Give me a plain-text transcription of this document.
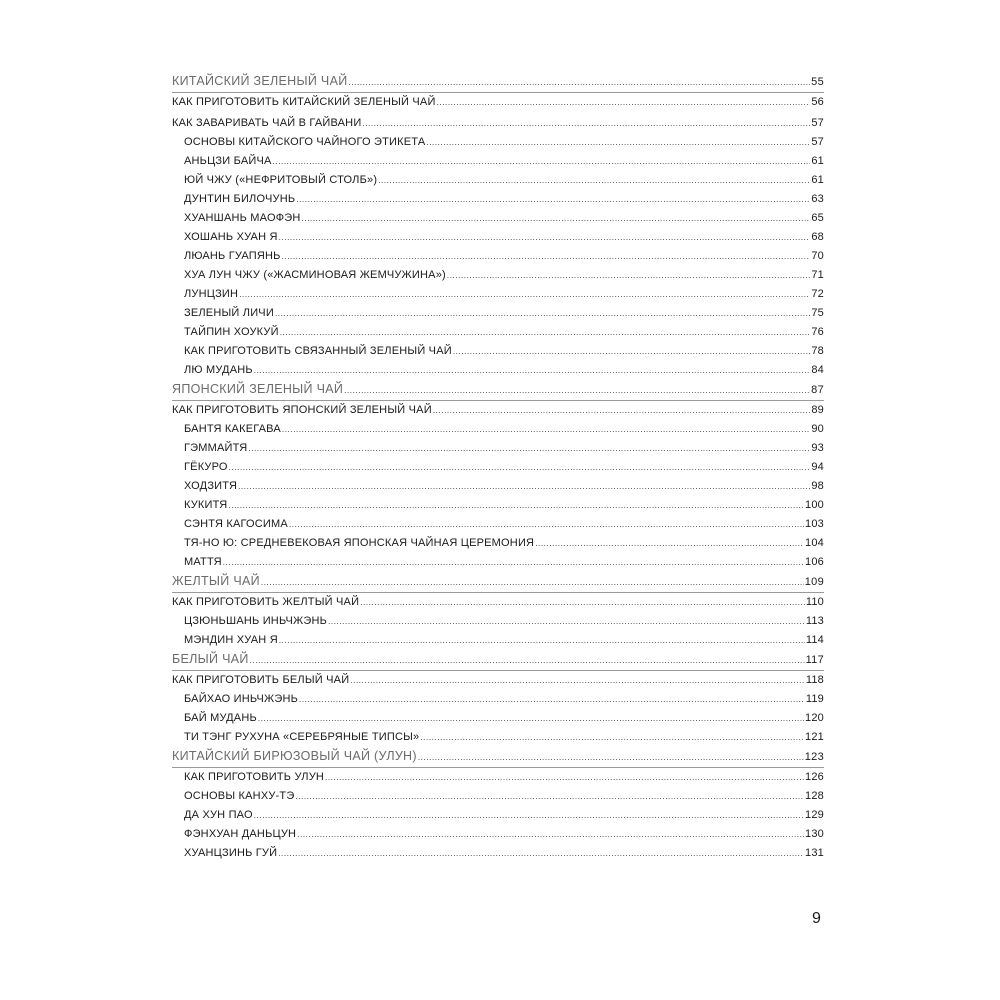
КИТАЙСКИЙ ЗЕЛЕНЫЙ ЧАЙ .....	55
КАК ПРИГОТОВИТЬ КИТАЙСКИЙ ЗЕЛЕНЫЙ ЧАЙ .....	56
КАК ЗАВАРИВАТЬ ЧАЙ В ГАЙВАНИ .....	57
ОСНОВЫ КИТАЙСКОГО ЧАЙНОГО ЭТИКЕТА .....	57
АНЬЦЗИ БАЙЧА .....	61
ЮЙ ЧЖУ («НЕФРИТОВЫЙ СТОЛБ») .....	61
ДУНТИН БИЛОЧУНЬ .....	63
ХУАНШАНЬ МАОФЭН .....	65
ХОШАНЬ ХУАН Я .....	68
ЛЮАНЬ ГУАПЯНЬ .....	70
ХУА ЛУН ЧЖУ («ЖАСМИНОВАЯ ЖЕМЧУЖИНА») .....	71
ЛУНЦЗИН .....	72
ЗЕЛЕНЫЙ ЛИЧИ .....	75
ТАЙПИН ХОУКУЙ .....	76
КАК ПРИГОТОВИТЬ СВЯЗАННЫЙ ЗЕЛЕНЫЙ ЧАЙ .....	78
ЛЮ МУДАНЬ .....	84
ЯПОНСКИЙ ЗЕЛЕНЫЙ ЧАЙ .....	87
КАК ПРИГОТОВИТЬ ЯПОНСКИЙ ЗЕЛЕНЫЙ ЧАЙ .....	89
БАНТЯ КАКЕГАВА .....	90
ГЭММАЙТЯ .....	93
ГЁКУРО .....	94
ХОДЗИТЯ .....	98
КУКИТЯ .....	100
СЭНТЯ КАГОСИМА .....	103
ТЯ-НО Ю: СРЕДНЕВЕКОВАЯ ЯПОНСКАЯ ЧАЙНАЯ ЦЕРЕМОНИЯ .....	104
МАТТЯ .....	106
ЖЕЛТЫЙ ЧАЙ .....	109
КАК ПРИГОТОВИТЬ ЖЕЛТЫЙ ЧАЙ .....	110
ЦЗЮНЬШАНЬ ИНЬЧЖЭНЬ .....	113
МЭНДИН ХУАН Я .....	114
БЕЛЫЙ ЧАЙ .....	117
КАК ПРИГОТОВИТЬ БЕЛЫЙ ЧАЙ .....	118
БАЙХАО ИНЬЧЖЭНЬ .....	119
БАЙ МУДАНЬ .....	120
ТИ ТЭНГ РУХУНА «СЕРЕБРЯНЫЕ ТИПСЫ» .....	121
КИТАЙСКИЙ БИРЮЗОВЫЙ ЧАЙ (УЛУН) .....	123
КАК ПРИГОТОВИТЬ УЛУН .....	126
ОСНОВЫ КАНХУ-ТЭ .....	128
ДА ХУН ПАО .....	129
ФЭНХУАН ДАНЬЦУН .....	130
ХУАНЦЗИНЬ ГУЙ .....	131
9
